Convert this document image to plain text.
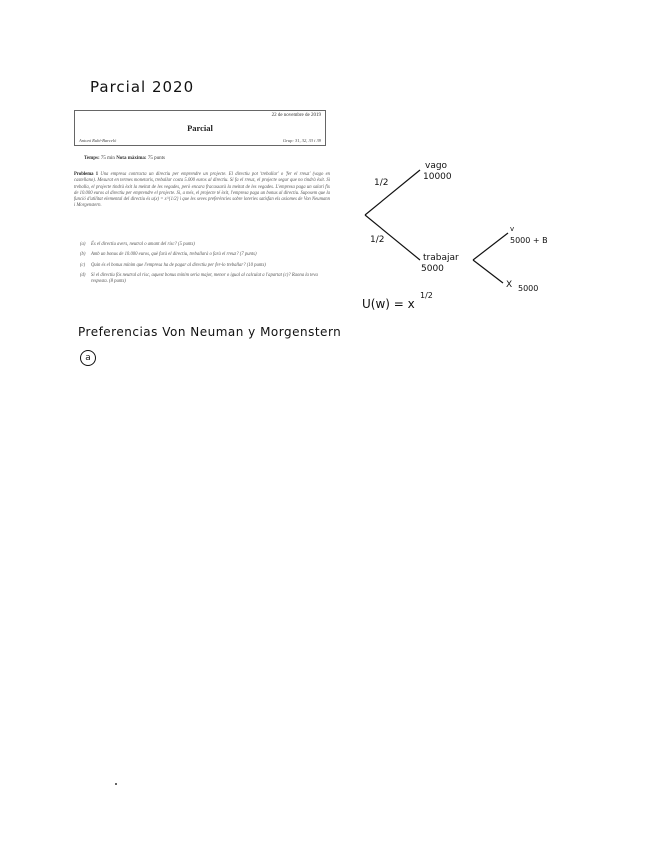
Parcial 2020
22 de novembre de 2019
Parcial
Antoni Rubí-Barceló	Grup: 31, 32, 33 i 39
Temps: 75 min Nota màxima: 75 punts
Problema 1 Una empresa contracta un directiu per emprendre un projecte. El directiu pot 'treballar' o 'fer el rreuz' (vago en castellano). Mesurat en termes monetaris, treballar costa 5.000 euros al directiu. Si fa el rreuz, el projecte segur que no tindrà èxit. Si treballa, el projecte tindrà èxit la meitat de les vegades, però encara fracassarà la meitat de les vegades. L'empresa paga un salari fix de 10.000 euros al directiu per emprendre el projecte. Si, a més, el projecte té èxit, l'empresa paga un bonus al directiu. Suposem que la funció d'utilitat elemental del directiu és u(x) = x^{1/2} i que les seves preferències sobre loteries satisfan els axiomes de Von Neumann i Morgenstern.
(a)	És el directiu avers, neutral o amant del risc? (5 punts)
(b)	Amb un bonus de 10.000 euros, què farà el directiu, treballarà o farà el rreuz? (7 punts)
(c)	Quin és el bonus mínim que l'empresa ha de pagar al directiu per fer-lo treballar? (10 punts)
(d)	Si el directiu fós neutral al risc, aquest bonus mínim seria major, menor o igual al calculat a l'apartat (c)? Raona la teva resposta. (8 punts)
1/2
1/2
vago
10000
trabajar
5000
v
5000 + B
X 5000
U(w) = x
1/2
Preferencias Von Neuman y Morgenstern
a
